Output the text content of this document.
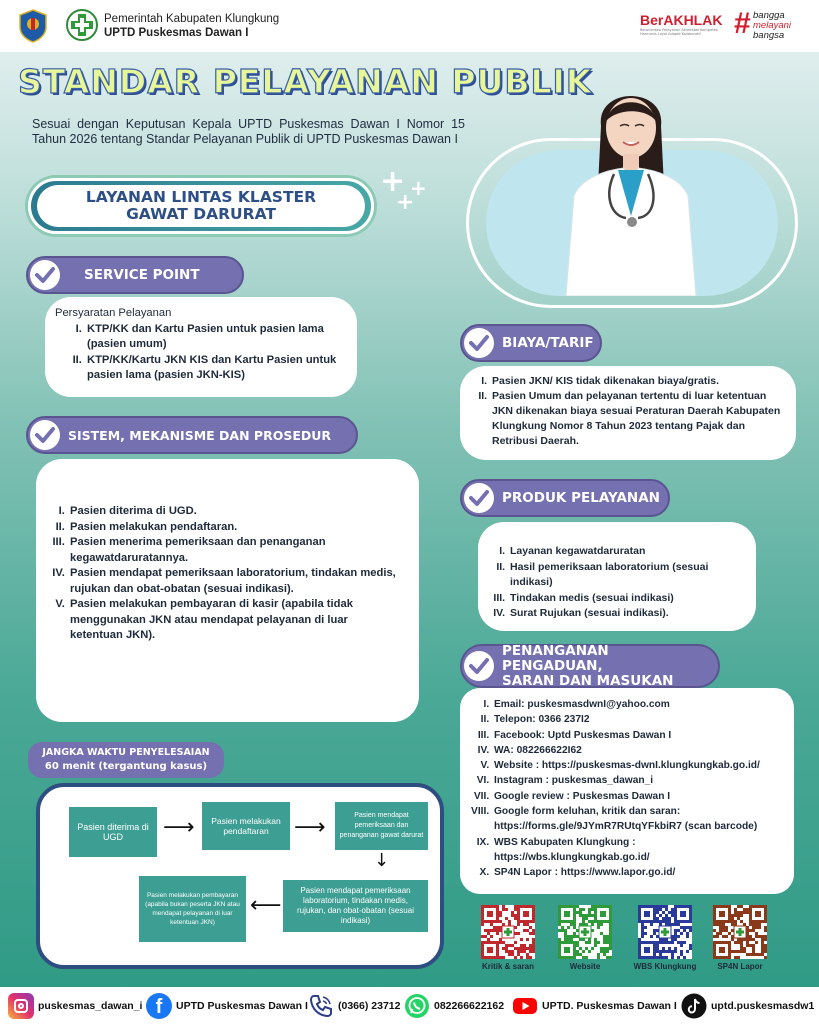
Pemerintah Kabupaten Klungkung
UPTD Puskesmas Dawan I
BerAKHLAK
Berorientasi Pelayanan Akuntabel Kompeten Harmonis Loyal Adaptif Kolaboratif	# bangga
melayani
bangsa
STANDAR PELAYANAN PUBLIK
Sesuai dengan Keputusan Kepala UPTD Puskesmas Dawan I Nomor 15 Tahun 2026 tentang Standar Pelayanan Publik di UPTD Puskesmas Dawan I
LAYANAN LINTAS KLASTER
GAWAT DARURAT
+ +
+
SERVICE POINT
Persyaratan Pelayanan
I. KTP/KK dan Kartu Pasien untuk pasien lama (pasien umum)
II. KTP/KK/Kartu JKN KIS dan Kartu Pasien untuk pasien lama (pasien JKN-KIS)
SISTEM, MEKANISME DAN PROSEDUR
I. Pasien diterima di UGD.
II. Pasien melakukan pendaftaran.
III. Pasien menerima pemeriksaan dan penanganan kegawatdaruratannya.
IV. Pasien mendapat pemeriksaan laboratorium, tindakan medis, rujukan dan obat-obatan (sesuai indikasi).
V. Pasien melakukan pembayaran di kasir (apabila tidak menggunakan JKN atau mendapat pelayanan di luar ketentuan JKN).
JANGKA WAKTU PENYELESAIAN
60 menit (tergantung kasus)
Pasien diterima di UGD	⟶	Pasien melakukan pendaftaran	⟶	Pasien mendapat pemeriksaan dan penanganan gawat darurat
↓
Pasien mendapat pemeriksaan laboratorium, tindakan medis, rujukan, dan obat-obatan (sesuai indikasi)
⟵
Pasien melakukan pembayaran (apabila bukan peserta JKN atau mendapat pelayanan di luar ketentuan JKN)
BIAYA/TARIF
I. Pasien JKN/ KIS tidak dikenakan biaya/gratis.
II. Pasien Umum dan pelayanan tertentu di luar ketentuan JKN dikenakan biaya sesuai Peraturan Daerah Kabupaten Klungkung Nomor 8 Tahun 2023 tentang Pajak dan Retribusi Daerah.
PRODUK PELAYANAN
I. Layanan kegawatdaruratan
II. Hasil pemeriksaan laboratorium (sesuai indikasi)
III. Tindakan medis (sesuai indikasi)
IV. Surat Rujukan (sesuai indikasi).
PENANGANAN PENGADUAN,
SARAN DAN MASUKAN
I. Email: puskesmasdwnI@yahoo.com
II. Telepon: 0366 237I2
III. Facebook: Uptd Puskesmas Dawan I
IV. WA: 082266622I62
V. Website : https://puskesmas-dwnI.klungkungkab.go.id/
VI. Instagram : puskesmas_dawan_i
VII. Google review : Puskesmas Dawan I
VIII. Google form keluhan, kritik dan saran: https://forms.gle/9JYmR7RUtqYFkbiR7 (scan barcode)
IX. WBS Kabupaten Klungkung : https://wbs.klungkungkab.go.id/
X. SP4N Lapor : https://www.lapor.go.id/
Kritik & saran	Website	WBS Klungkung	SP4N Lapor
puskesmas_dawan_i f	UPTD Puskesmas Dawan I	(0366) 23712	082266622162	UPTD. Puskesmas Dawan I	uptd.puskesmasdw1
